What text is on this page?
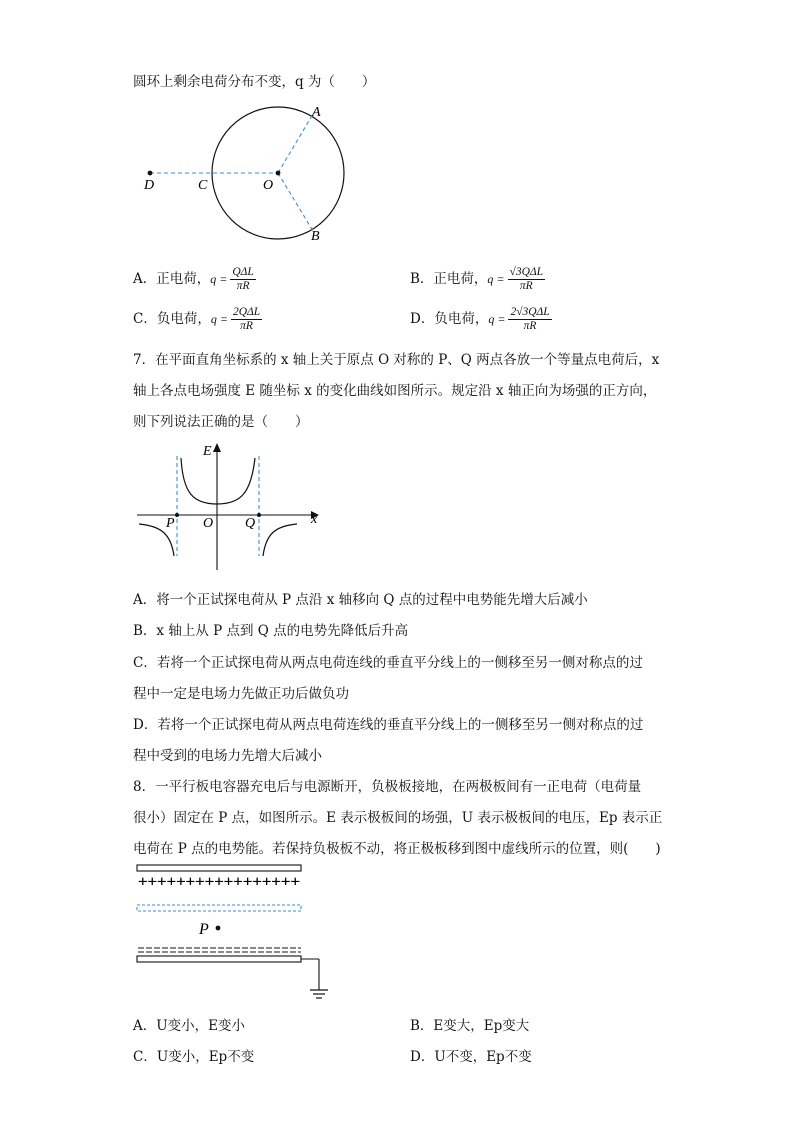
圆环上剩余电荷分布不变，q 为（　　）
A
B
C
D	O
A．正电荷，$q = \frac{\text{QΔL}}{\pi R}$	B．正电荷，$q = \frac{\text{√3QΔL}}{\pi R}$
C．负电荷，$q = \frac{\text{2QΔL}}{\pi R}$	D．负电荷，$q = \frac{\text{2√3QΔL}}{\pi R}$
7．在平面直角坐标系的 x 轴上关于原点 O 对称的 P、Q 两点各放一个等量点电荷后，x
轴上各点电场强度 E 随坐标 x 的变化曲线如图所示。规定沿 x 轴正向为场强的正方向，
则下列说法正确的是（　　）
E
x
P O Q
A．将一个正试探电荷从 P 点沿 x 轴移向 Q 点的过程中电势能先增大后减小
B．x 轴上从 P 点到 Q 点的电势先降低后升高
C．若将一个正试探电荷从两点电荷连线的垂直平分线上的一侧移至另一侧对称点的过
程中一定是电场力先做正功后做负功
D．若将一个正试探电荷从两点电荷连线的垂直平分线上的一侧移至另一侧对称点的过
程中受到的电场力先增大后减小
8．一平行板电容器充电后与电源断开，负极板接地，在两极板间有一正电荷（电荷量
很小）固定在 P 点，如图所示。E 表示极板间的场强，U 表示极板间的电压，Ep 表示正
电荷在 P 点的电势能。若保持负极板不动，将正极板移到图中虚线所示的位置，则(　　)
+++++++++++++++++
P
A．U变小，E变小	B．E变大，Ep变大
C．U变小，Ep不变	D．U不变，Ep不变
